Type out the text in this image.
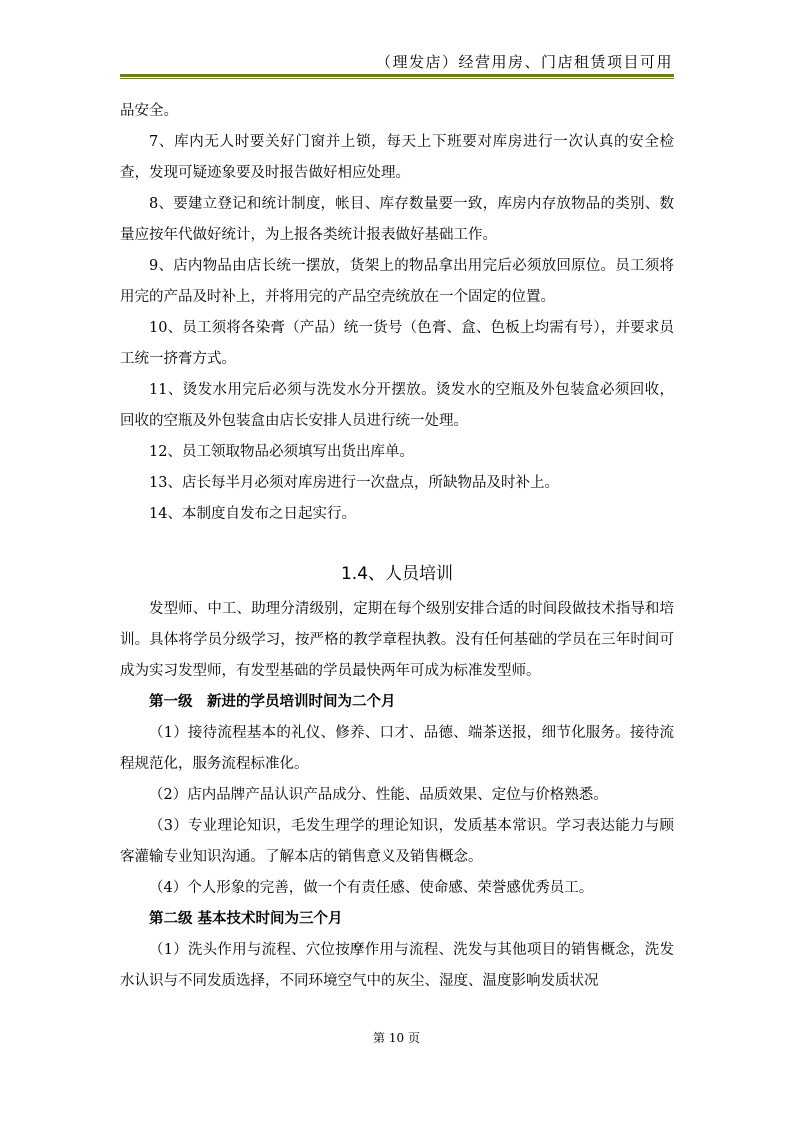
（理发店）经营用房、门店租赁项目可用

品安全。

7、库内无人时要关好门窗并上锁，每天上下班要对库房进行一次认真的安全检查，发现可疑迹象要及时报告做好相应处理。

8、要建立登记和统计制度，帐目、库存数量要一致，库房内存放物品的类别、数量应按年代做好统计，为上报各类统计报表做好基础工作。

9、店内物品由店长统一摆放，货架上的物品拿出用完后必须放回原位。员工须将用完的产品及时补上，并将用完的产品空壳统放在一个固定的位置。

10、员工须将各染膏（产品）统一货号（色膏、盒、色板上均需有号），并要求员工统一挤膏方式。

11、烫发水用完后必须与洗发水分开摆放。烫发水的空瓶及外包装盒必须回收，回收的空瓶及外包装盒由店长安排人员进行统一处理。

12、员工领取物品必须填写出货出库单。

13、店长每半月必须对库房进行一次盘点，所缺物品及时补上。

14、本制度自发布之日起实行。

1.4、人员培训

发型师、中工、助理分清级别，定期在每个级别安排合适的时间段做技术指导和培训。具体将学员分级学习，按严格的教学章程执教。没有任何基础的学员在三年时间可成为实习发型师，有发型基础的学员最快两年可成为标准发型师。

第一级　新进的学员培训时间为二个月

（1）接待流程基本的礼仪、修养、口才、品德、端茶送报，细节化服务。接待流程规范化，服务流程标准化。

（2）店内品牌产品认识产品成分、性能、品质效果、定位与价格熟悉。

（3）专业理论知识，毛发生理学的理论知识，发质基本常识。学习表达能力与顾客灌输专业知识沟通。了解本店的销售意义及销售概念。

（4）个人形象的完善，做一个有责任感、使命感、荣誉感优秀员工。

第二级 基本技术时间为三个月

（1）洗头作用与流程、穴位按摩作用与流程、洗发与其他项目的销售概念，洗发水认识与不同发质选择，不同环境空气中的灰尘、湿度、温度影响发质状况

第 10 页
